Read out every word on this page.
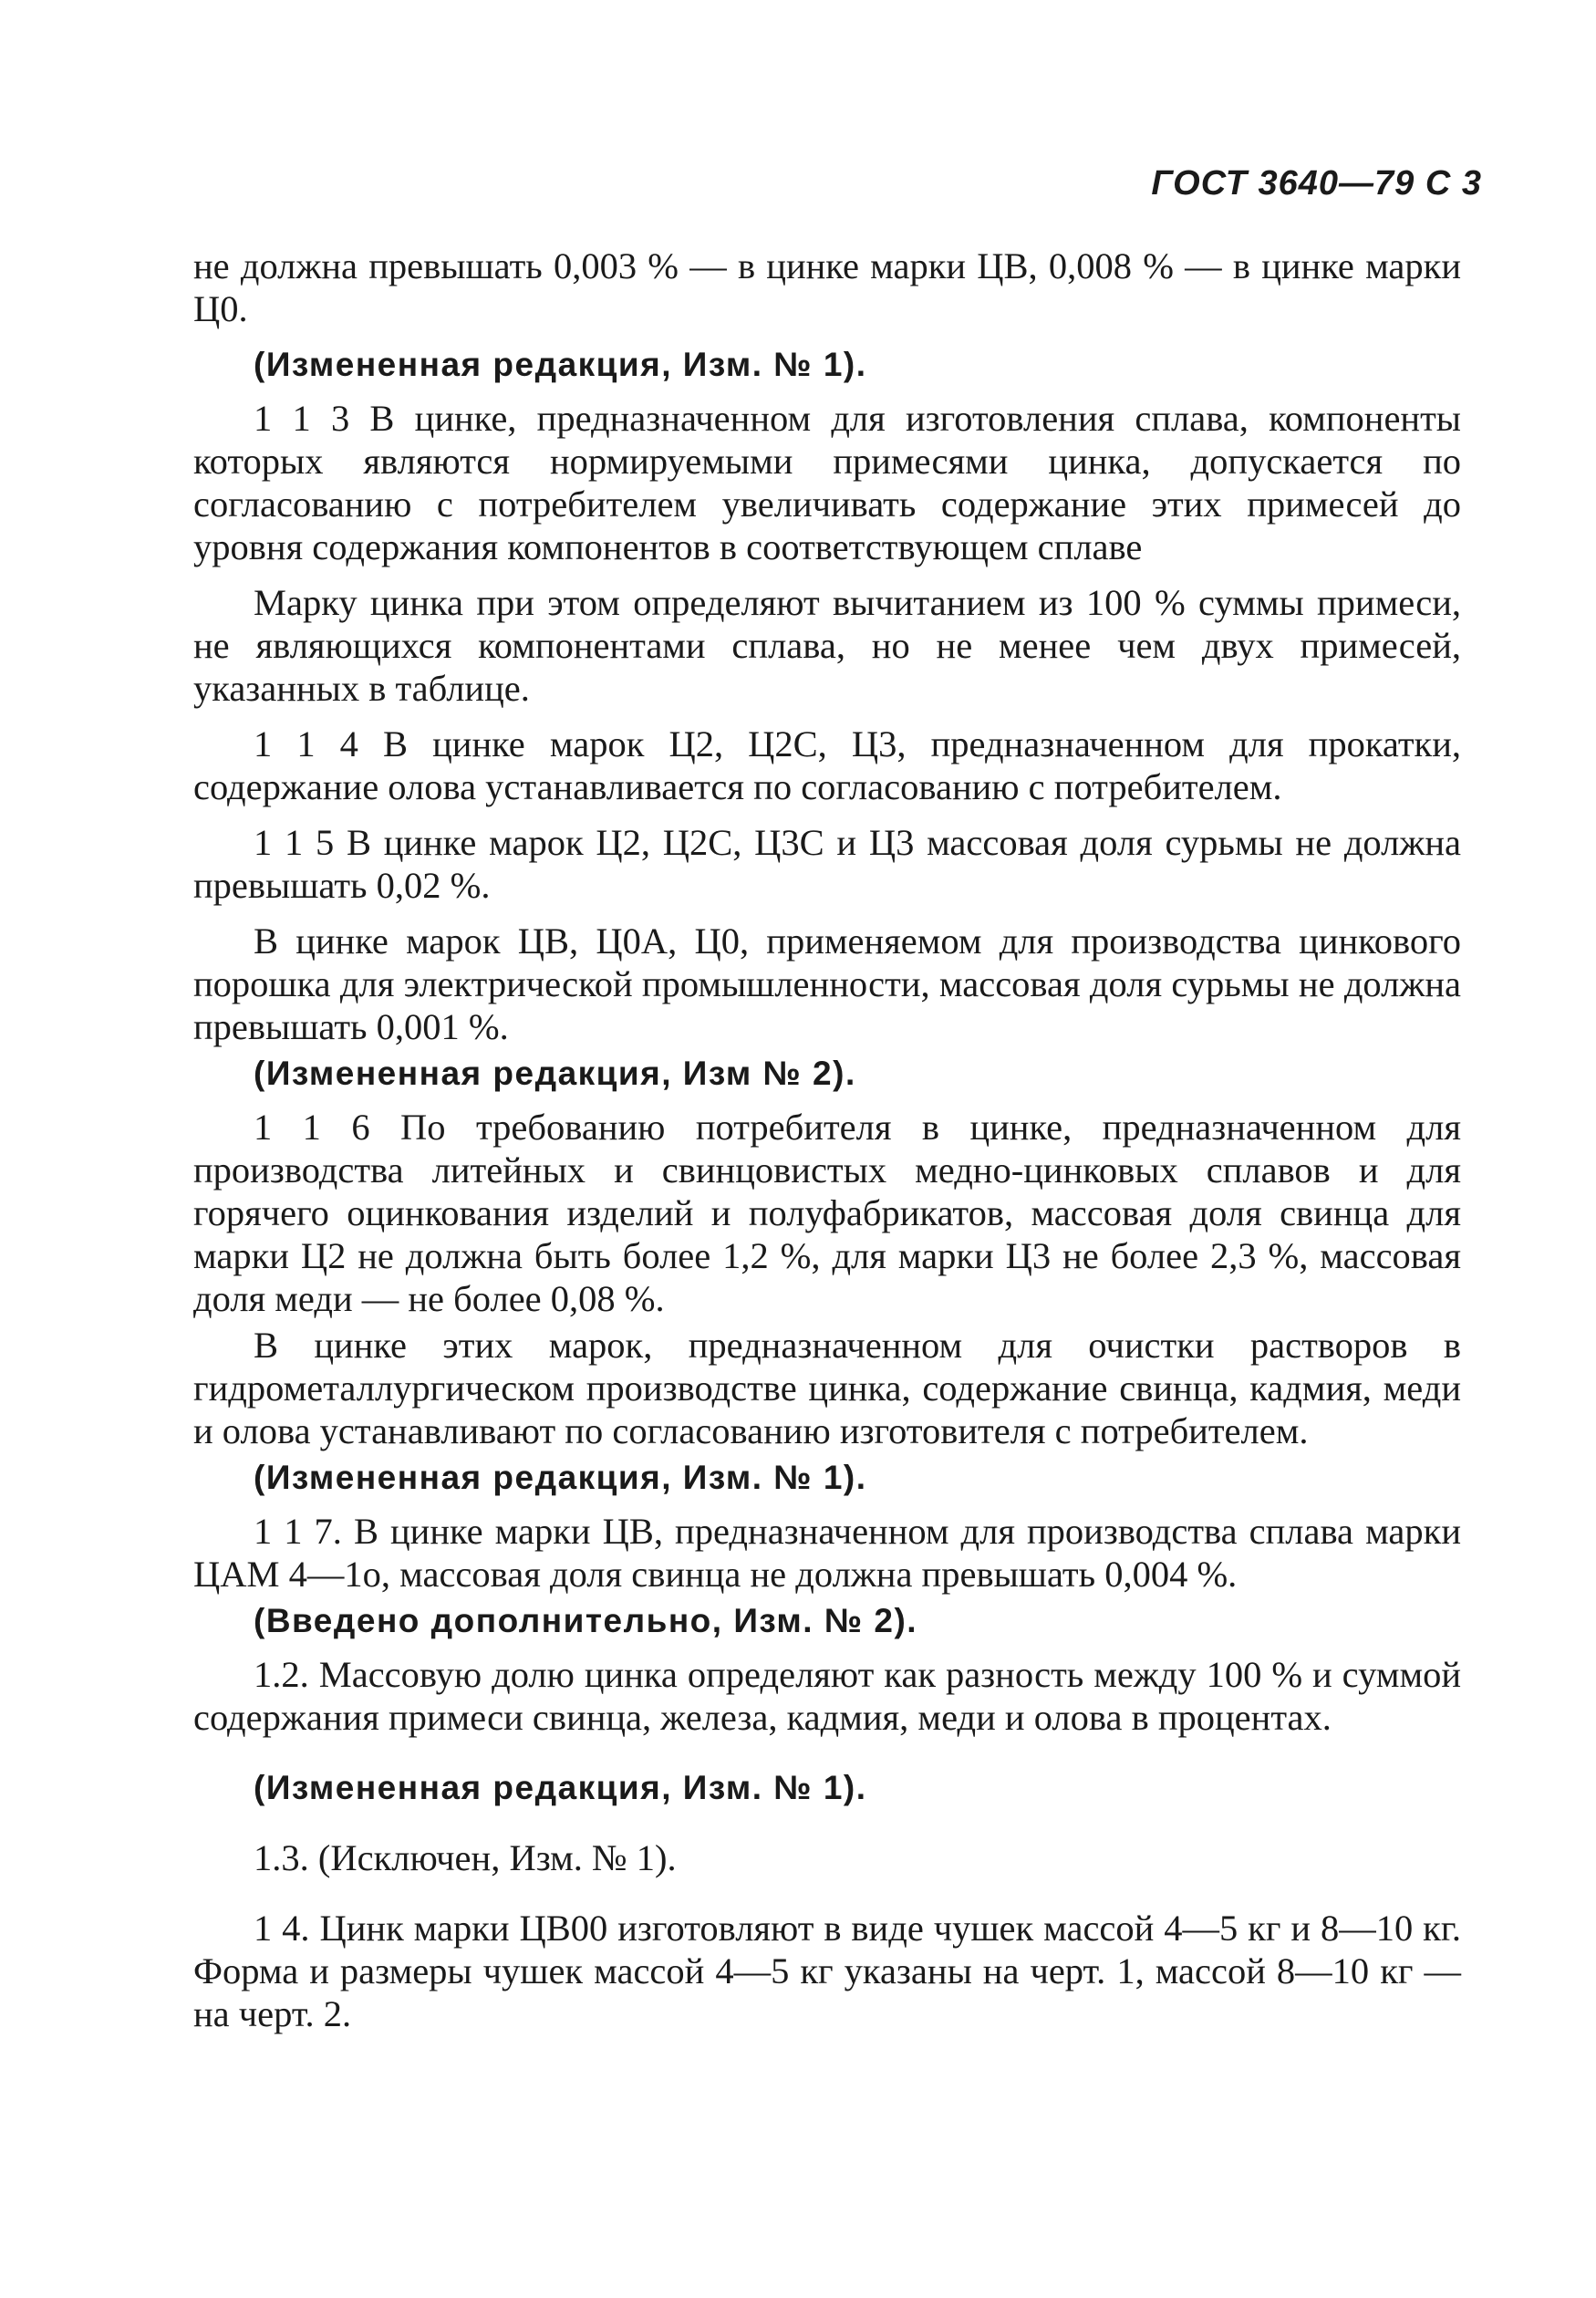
ГОСТ 3640—79 С 3

не должна превышать 0,003 % — в цинке марки ЦВ, 0,008 % — в цинке марки Ц0.

(Измененная редакция, Изм. № 1).

1 1 3 В цинке, предназначенном для изготовления сплава, компоненты которых являются нормируемыми примесями цинка, допускается по согласованию с потребителем увеличивать содержание этих примесей до уровня содержания компонентов в соответствующем сплаве

Марку цинка при этом определяют вычитанием из 100 % суммы примеси, не являющихся компонентами сплава, но не менее чем двух примесей, указанных в таблице.

1 1 4 В цинке марок Ц2, Ц2С, Ц3, предназначенном для прокатки, содержание олова устанавливается по согласованию с потребителем.

1 1 5 В цинке марок Ц2, Ц2С, Ц3С и Ц3 массовая доля сурьмы не должна превышать 0,02 %.

В цинке марок ЦВ, Ц0А, Ц0, применяемом для производства цинкового порошка для электрической промышленности, массовая доля сурьмы не должна превышать 0,001 %.

(Измененная редакция, Изм № 2).

1 1 6 По требованию потребителя в цинке, предназначенном для производства литейных и свинцовистых медно-цинковых сплавов и для горячего оцинкования изделий и полуфабрикатов, массовая доля свинца для марки Ц2 не должна быть более 1,2 %, для марки Ц3 не более 2,3 %, массовая доля меди — не более 0,08 %.

В цинке этих марок, предназначенном для очистки растворов в гидрометаллургическом производстве цинка, содержание свинца, кадмия, меди и олова устанавливают по согласованию изготовителя с потребителем.

(Измененная редакция, Изм. № 1).

1 1 7. В цинке марки ЦВ, предназначенном для производства сплава марки ЦАМ 4—1о, массовая доля свинца не должна превышать 0,004 %.

(Введено дополнительно, Изм. № 2).

1.2. Массовую долю цинка определяют как разность между 100 % и суммой содержания примеси свинца, железа, кадмия, меди и олова в процентах.

(Измененная редакция, Изм. № 1).

1.3. (Исключен, Изм. № 1).

1 4. Цинк марки ЦВ00 изготовляют в виде чушек массой 4—5 кг и 8—10 кг. Форма и размеры чушек массой 4—5 кг указаны на черт. 1, массой 8—10 кг — на черт. 2.
